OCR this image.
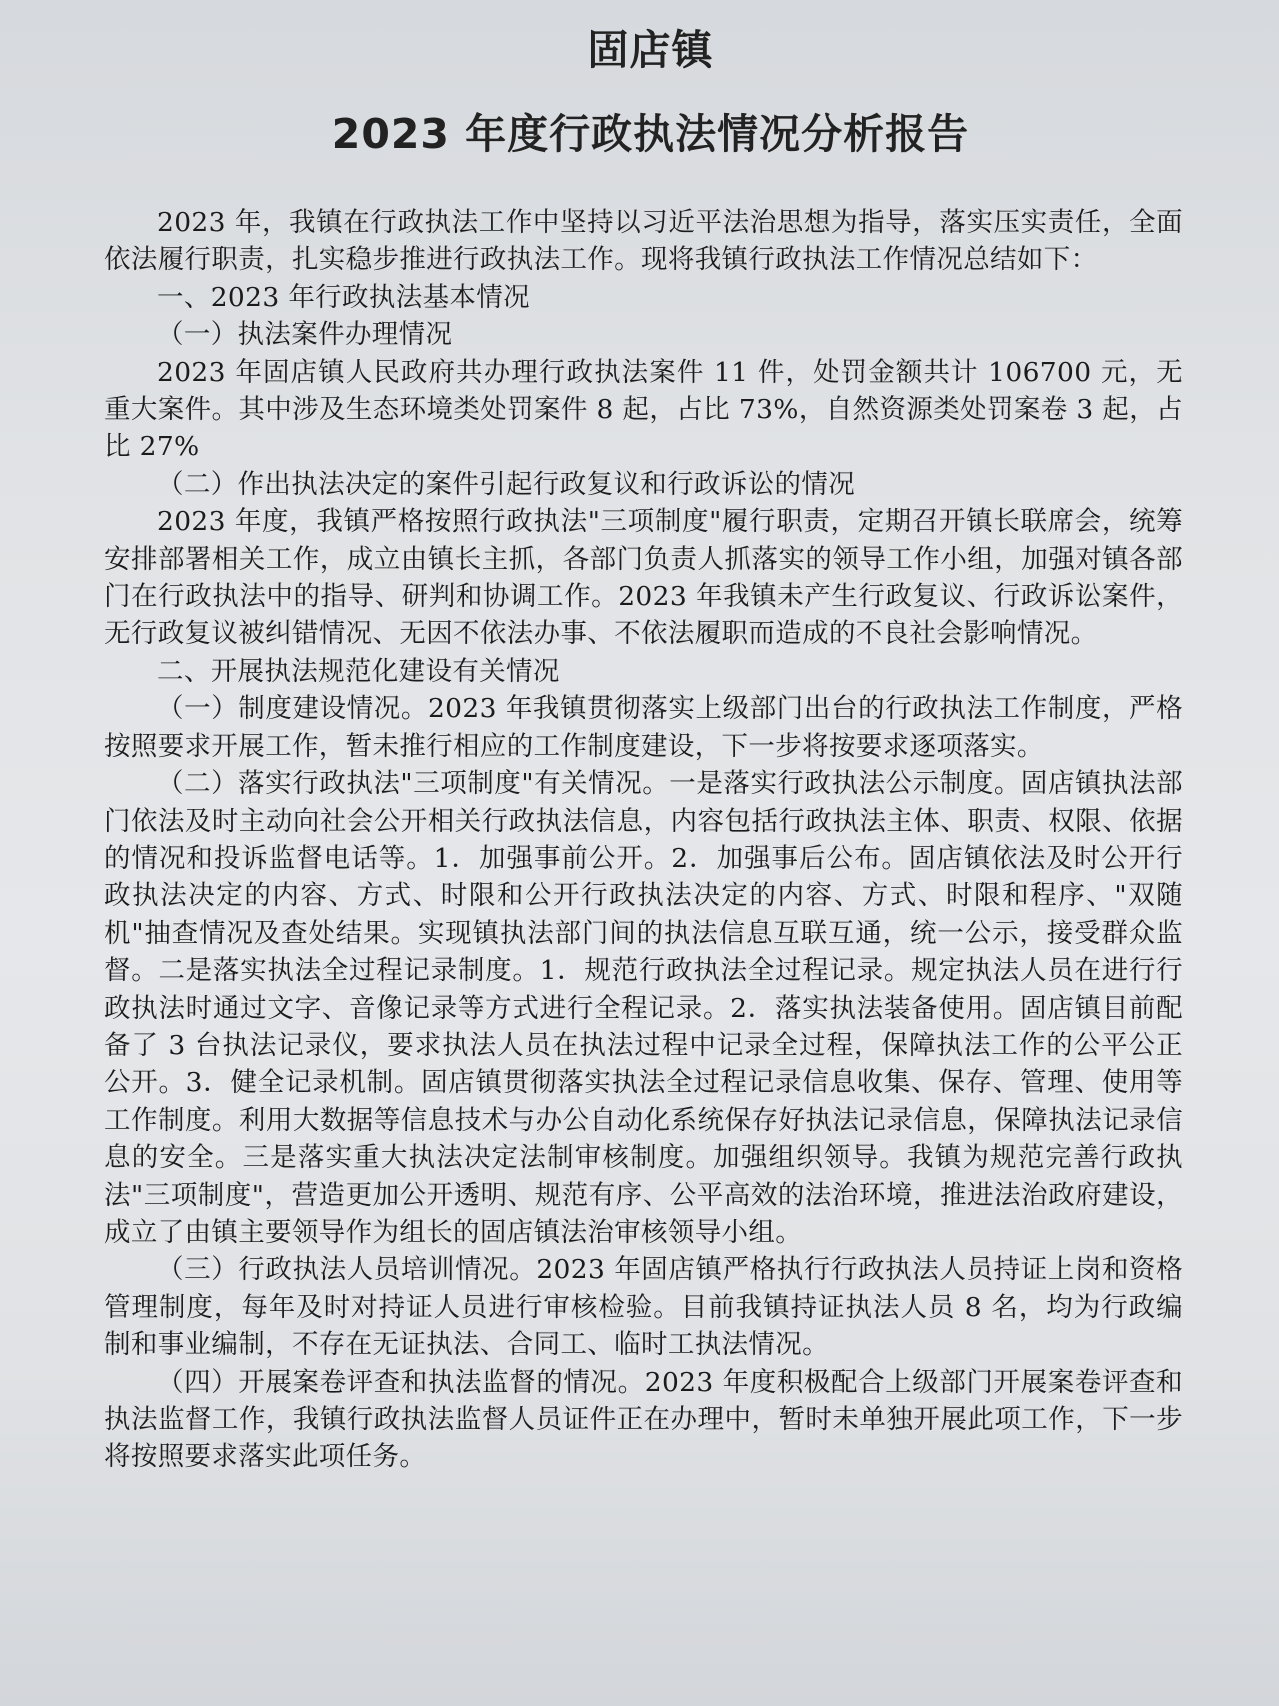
固店镇
2023 年度行政执法情况分析报告

2023 年，我镇在行政执法工作中坚持以习近平法治思想为指导，落实压实责任，全面依法履行职责，扎实稳步推进行政执法工作。现将我镇行政执法工作情况总结如下：

一、2023 年行政执法基本情况

（一）执法案件办理情况

2023 年固店镇人民政府共办理行政执法案件 11 件，处罚金额共计 106700 元，无重大案件。其中涉及生态环境类处罚案件 8 起，占比 73%，自然资源类处罚案卷 3 起，占比 27%

（二）作出执法决定的案件引起行政复议和行政诉讼的情况

2023 年度，我镇严格按照行政执法"三项制度"履行职责，定期召开镇长联席会，统筹安排部署相关工作，成立由镇长主抓，各部门负责人抓落实的领导工作小组，加强对镇各部门在行政执法中的指导、研判和协调工作。2023 年我镇未产生行政复议、行政诉讼案件，无行政复议被纠错情况、无因不依法办事、不依法履职而造成的不良社会影响情况。

二、开展执法规范化建设有关情况

（一）制度建设情况。2023 年我镇贯彻落实上级部门出台的行政执法工作制度，严格按照要求开展工作，暂未推行相应的工作制度建设，下一步将按要求逐项落实。

（二）落实行政执法"三项制度"有关情况。一是落实行政执法公示制度。固店镇执法部门依法及时主动向社会公开相关行政执法信息，内容包括行政执法主体、职责、权限、依据的情况和投诉监督电话等。1．加强事前公开。2．加强事后公布。固店镇依法及时公开行政执法决定的内容、方式、时限和公开行政执法决定的内容、方式、时限和程序、"双随机"抽查情况及查处结果。实现镇执法部门间的执法信息互联互通，统一公示，接受群众监督。二是落实执法全过程记录制度。1．规范行政执法全过程记录。规定执法人员在进行行政执法时通过文字、音像记录等方式进行全程记录。2．落实执法装备使用。固店镇目前配备了 3 台执法记录仪，要求执法人员在执法过程中记录全过程，保障执法工作的公平公正公开。3．健全记录机制。固店镇贯彻落实执法全过程记录信息收集、保存、管理、使用等工作制度。利用大数据等信息技术与办公自动化系统保存好执法记录信息，保障执法记录信息的安全。三是落实重大执法决定法制审核制度。加强组织领导。我镇为规范完善行政执法"三项制度"，营造更加公开透明、规范有序、公平高效的法治环境，推进法治政府建设，成立了由镇主要领导作为组长的固店镇法治审核领导小组。

（三）行政执法人员培训情况。2023 年固店镇严格执行行政执法人员持证上岗和资格管理制度，每年及时对持证人员进行审核检验。目前我镇持证执法人员 8 名，均为行政编制和事业编制，不存在无证执法、合同工、临时工执法情况。

（四）开展案卷评查和执法监督的情况。2023 年度积极配合上级部门开展案卷评查和执法监督工作，我镇行政执法监督人员证件正在办理中，暂时未单独开展此项工作，下一步将按照要求落实此项任务。
